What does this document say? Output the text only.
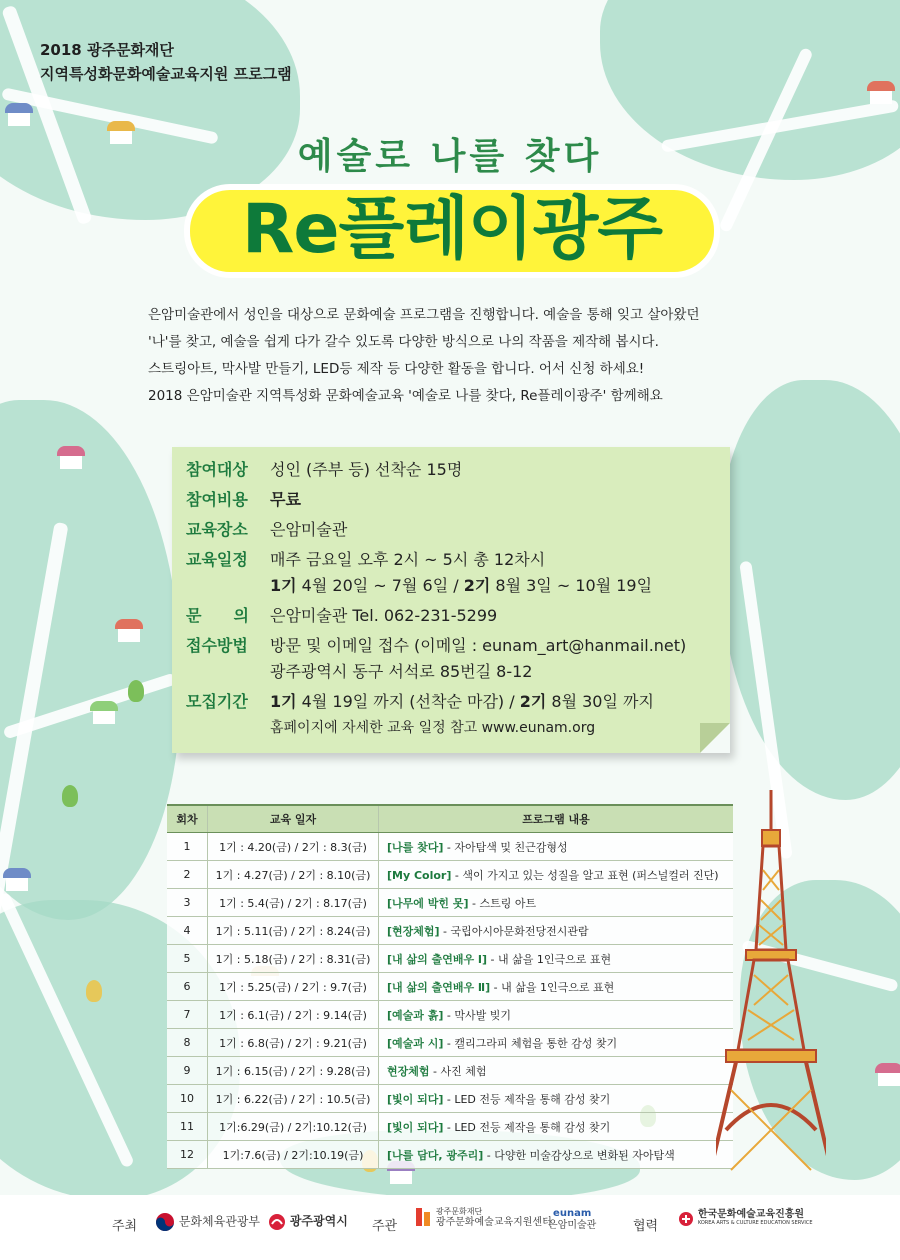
2018 광주문화재단
지역특성화문화예술교육지원 프로그램
예술로 나를 찾다
Re플레이광주

은암미술관에서 성인을 대상으로 문화예술 프로그램을 진행합니다. 예술을 통해 잊고 살아왔던

'나'를 찾고, 예술을 쉽게 다가 갈수 있도록 다양한 방식으로 나의 작품을 제작해 봅시다.

스트링아트, 막사발 만들기, LED등 제작 등 다양한 활동을 합니다. 어서 신청 하세요!

2018 은암미술관 지역특성화 문화예술교육 '예술로 나를 찾다, Re플레이광주' 함께해요

참여대상 성인 (주부 등) 선착순 15명
참여비용 무료
교육장소 은암미술관
교육일정 매주 금요일 오후 2시 ~ 5시 총 12차시
1기 4월 20일 ~ 7월 6일 / 2기 8월 3일 ~ 10월 19일
문　　의 은암미술관 Tel. 062-231-5299
접수방법 방문 및 이메일 접수 (이메일 : eunam_art@hanmail.net)
광주광역시 동구 서석로 85번길 8-12
모집기간 1기 4월 19일 까지 (선착순 마감) / 2기 8월 30일 까지
홈페이지에 자세한 교육 일정 참고 www.eunam.org
회차	교육 일자	프로그램 내용
1	1기 : 4.20(금) / 2기 : 8.3(금)	[나를 찾다] - 자아탐색 및 친근감형성
2	1기 : 4.27(금) / 2기 : 8.10(금)	[My Color] - 색이 가지고 있는 성질을 알고 표현 (퍼스널컬러 진단)
3	1기 : 5.4(금) / 2기 : 8.17(금)	[나무에 박힌 못] - 스트링 아트
4	1기 : 5.11(금) / 2기 : 8.24(금)	[현장체험] - 국립아시아문화전당전시관람
5	1기 : 5.18(금) / 2기 : 8.31(금)	[내 삶의 출연배우 Ⅰ] - 내 삶을 1인극으로 표현
6	1기 : 5.25(금) / 2기 : 9.7(금)	[내 삶의 출연배우 Ⅱ] - 내 삶을 1인극으로 표현
7	1기 : 6.1(금) / 2기 : 9.14(금)	[예술과 흙] - 막사발 빚기
8	1기 : 6.8(금) / 2기 : 9.21(금)	[예술과 시] - 캘리그라피 체험을 통한 감성 찾기
9	1기 : 6.15(금) / 2기 : 9.28(금)	현장체험 - 사진 체험
10	1기 : 6.22(금) / 2기 : 10.5(금)	[빛이 되다] - LED 전등 제작을 통해 감성 찾기
11	1기:6.29(금) / 2기:10.12(금)	[빛이 되다] - LED 전등 제작을 통해 감성 찾기
12	1기:7.6(금) / 2기:10.19(금)	[나를 담다, 광주리] - 다양한 미술감상으로 변화된 자아탐색
주최	문화체육관광부	광주광역시 주관

광주문화재단
광주문화예술교육지원센터
eunam
은암미술관	협력

한국문화예술교육진흥원
KOREA ARTS & CULTURE EDUCATION SERVICE
